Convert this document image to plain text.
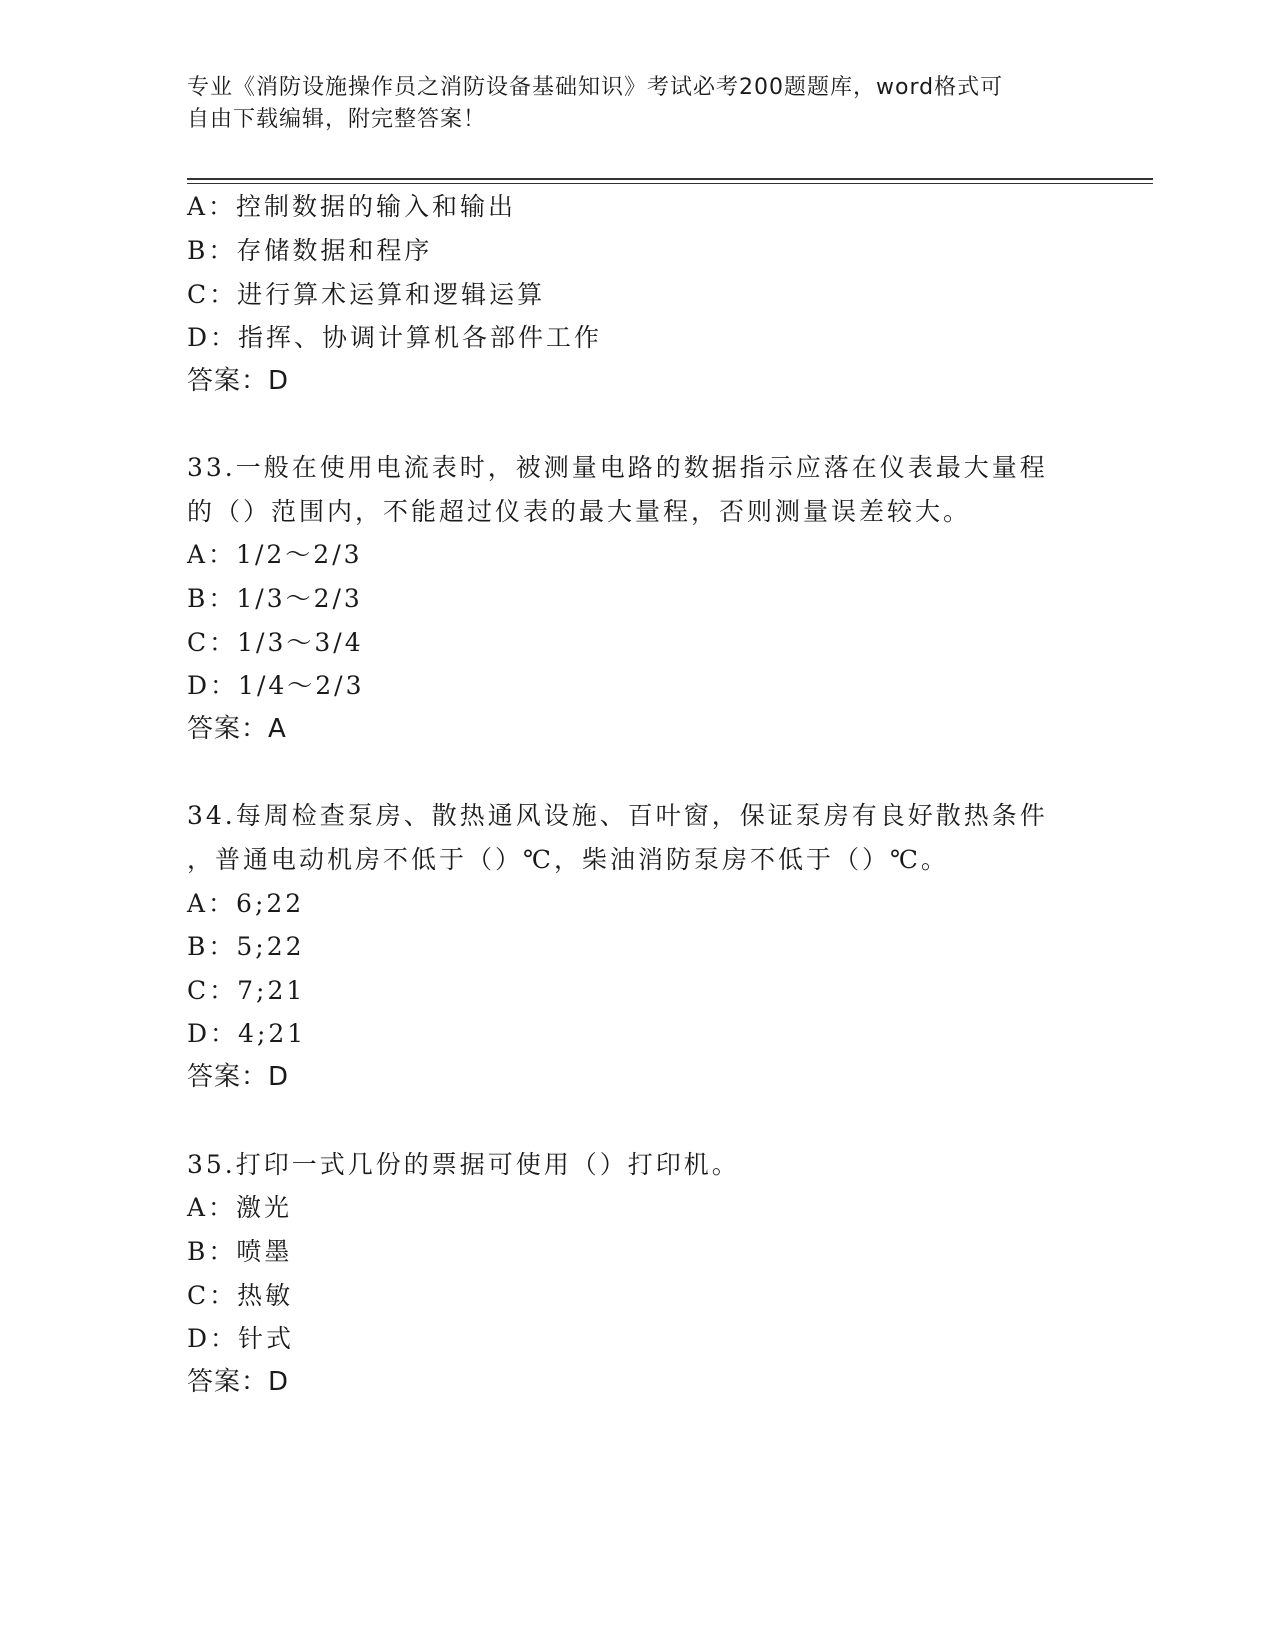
专业《消防设施操作员之消防设备基础知识》考试必考200题题库，word格式可
自由下载编辑，附完整答案！
A：控制数据的输入和输出
B：存储数据和程序
C：进行算术运算和逻辑运算
D：指挥、协调计算机各部件工作
答案：D
33.一般在使用电流表时，被测量电路的数据指示应落在仪表最大量程
的（）范围内，不能超过仪表的最大量程，否则测量误差较大。
A：1/2～2/3
B：1/3～2/3
C：1/3～3/4
D：1/4～2/3
答案：A
34.每周检查泵房、散热通风设施、百叶窗，保证泵房有良好散热条件
，普通电动机房不低于（）℃，柴油消防泵房不低于（）℃。
A：6;22
B：5;22
C：7;21
D：4;21
答案：D
35.打印一式几份的票据可使用（）打印机。
A：激光
B：喷墨
C：热敏
D：针式
答案：D
